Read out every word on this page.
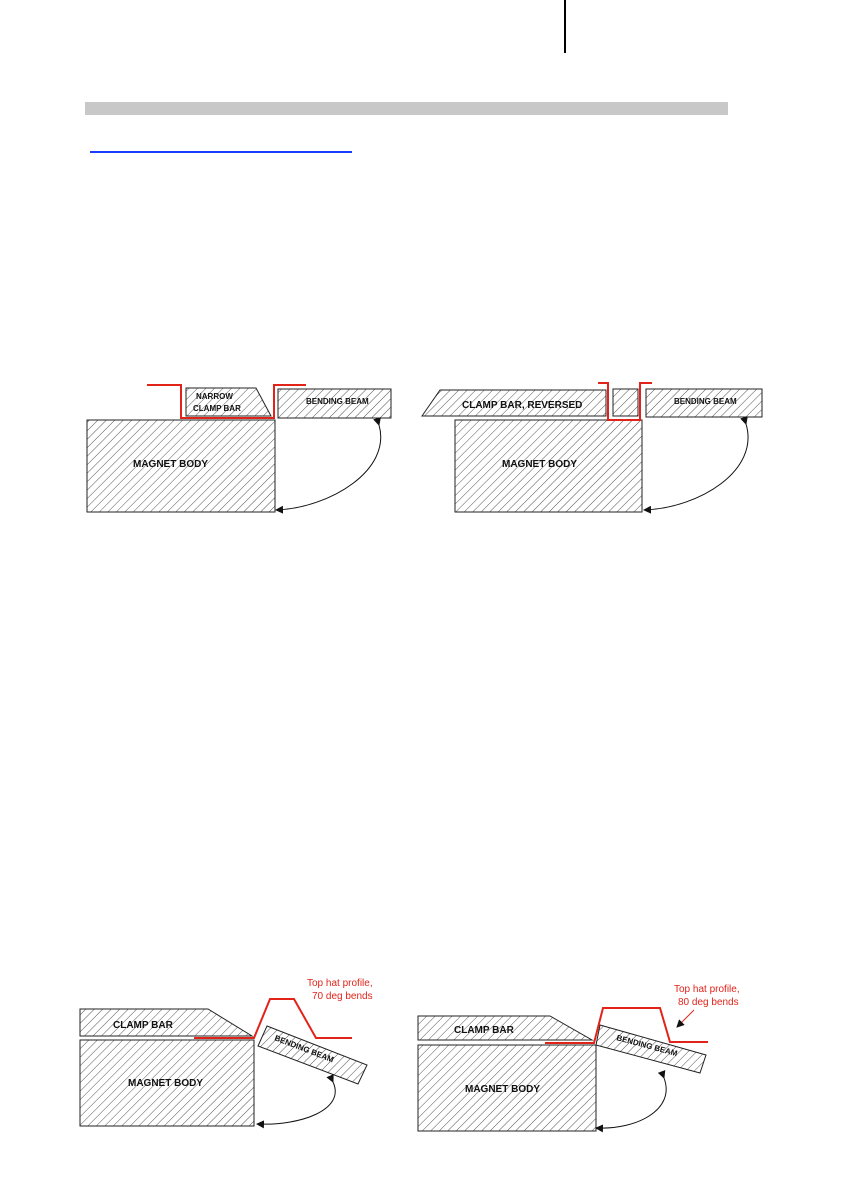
MAGNET BODY
NARROW
CLAMP BAR
BENDING BEAM
MAGNET BODY
CLAMP BAR, REVERSED	BENDING BEAM
CLAMP BAR
MAGNET BODY
BENDING BEAM
Top hat profile,
70 deg bends
CLAMP BAR
MAGNET BODY
BENDING BEAM
Top hat profile,
80 deg bends
